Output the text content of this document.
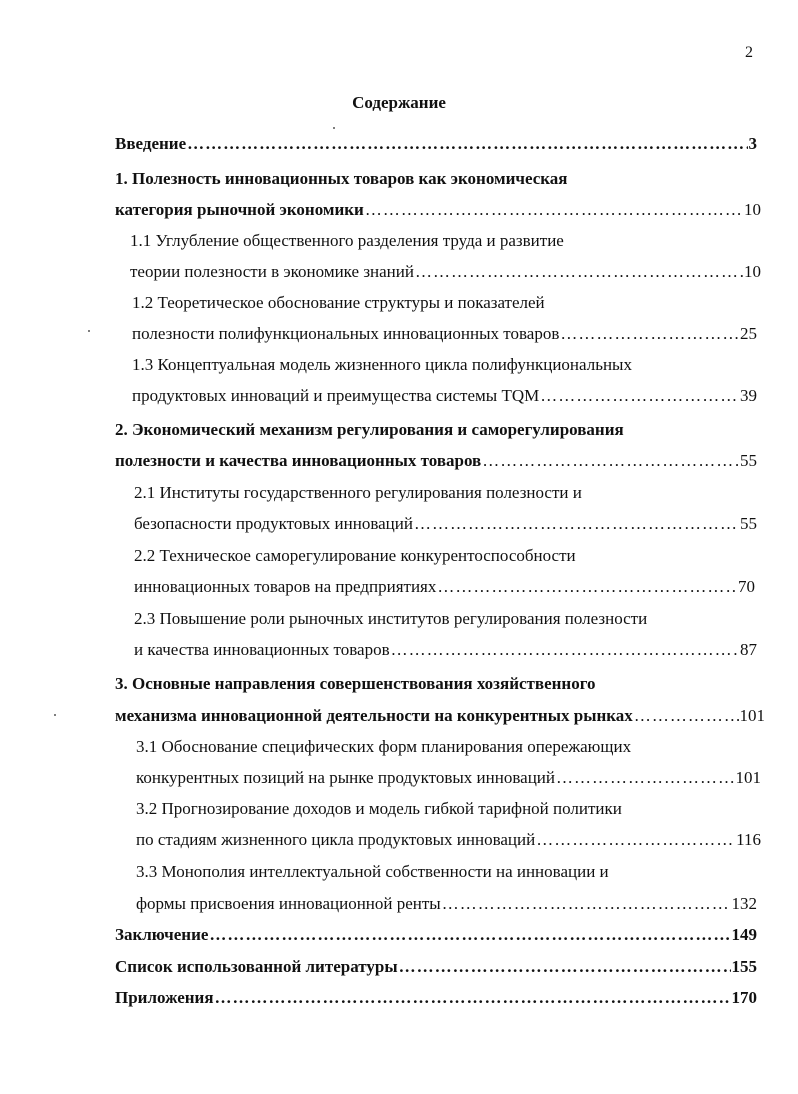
2
Содержание
Введение …………………………………………………………………………………………………………………………………………………………	3
1. Полезность инновационных товаров как экономическая
категория рыночной экономики …………………………………………………………………………………………………………………………………………………………	10
1.1 Углубление общественного разделения труда и развитие
теории полезности в экономике знаний …………………………………………………………………………………………………………………………………………………………	10
1.2 Теоретическое обоснование структуры и показателей
полезности полифункциональных инновационных товаров …………………………………………………………………………………………………………………………………………………………	25
1.3 Концептуальная модель жизненного цикла полифункциональных
продуктовых инноваций и преимущества системы TQM …………………………………………………………………………………………………………………………………………………………	39
2. Экономический механизм регулирования и саморегулирования
полезности и качества инновационных товаров …………………………………………………………………………………………………………………………………………………………	55
2.1 Институты государственного регулирования полезности и
безопасности продуктовых инноваций …………………………………………………………………………………………………………………………………………………………	55
2.2 Техническое саморегулирование конкурентоспособности
инновационных товаров на предприятиях …………………………………………………………………………………………………………………………………………………………	70
2.3 Повышение роли рыночных институтов регулирования полезности
и качества инновационных товаров …………………………………………………………………………………………………………………………………………………………	87
3. Основные направления совершенствования хозяйственного
механизма инновационной деятельности на конкурентных рынках …………………………………………………………………………………………………………………………………………………………	101
3.1 Обоснование специфических форм планирования опережающих
конкурентных позиций на рынке продуктовых инноваций …………………………………………………………………………………………………………………………………………………………	101
3.2 Прогнозирование доходов и модель гибкой тарифной политики
по стадиям жизненного цикла продуктовых инноваций …………………………………………………………………………………………………………………………………………………………	116
3.3 Монополия интеллектуальной собственности на инновации и
формы присвоения инновационной ренты …………………………………………………………………………………………………………………………………………………………	132
Заключение …………………………………………………………………………………………………………………………………………………………	149
Список использованной литературы …………………………………………………………………………………………………………………………………………………………	155
Приложения …………………………………………………………………………………………………………………………………………………………	170
